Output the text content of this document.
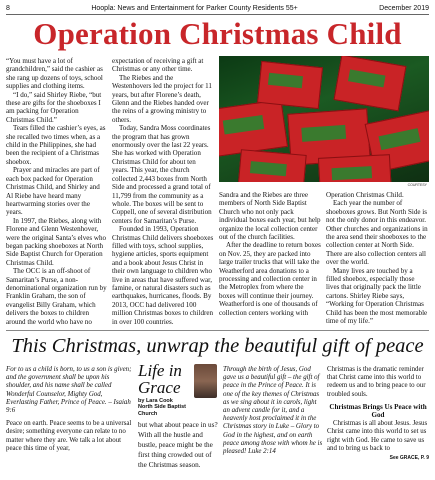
8	Hoopla: News and Entertainment for Parker County Residents 55+	December 2019
Operation Christmas Child

“You must have a lot of grandchildren,” said the cashier as she rang up dozens of toys, school supplies and clothing items.

“I do,” said Shirley Riebe, “but these are gifts for the shoeboxes I am packing for Operation Christmas Child.”

Tears filled the cashier’s eyes, as she recalled two times when, as a child in the Philippines, she had been the recipient of a Christmas shoebox.

Prayer and miracles are part of each box packed for Operation Christmas Child, and Shirley and Al Riebe have heard many heartwarming stories over the years.

In 1997, the Riebes, along with Florene and Glenn Westenhover, were the original Santa’s elves who began packing shoeboxes at North Side Baptist Church for Operation Christmas Child.

The OCC is an off-shoot of Samaritan’s Purse, a non-denominational organization run by Franklin Graham, the son of evangelist Billy Graham, which delivers the boxes to children around the world who have no

expectation of receiving a gift at Christmas or any other time.

The Riebes and the Westenhovers led the project for 11 years, but after Florene’s death, Glenn and the Riebes handed over the reins of a growing ministry to others.

Today, Sandra Moss coordinates the program that has grown enormously over the last 22 years. She has worked with Operation Christmas Child for about ten years. This year, the church collected 2,443 boxes from North Side and processed a grand total of 11,799 from the community as a whole. The boxes will be sent to Coppell, one of several distribution centers for Samaritan’s Purse.

Founded in 1993, Operation Christmas Child delivers shoeboxes filled with toys, school supplies, hygiene articles, sports equipment and a book about Jesus Christ in their own language to children who live in areas that have suffered war, famine, or natural disasters such as earthquakes, hurricanes, floods. By 2013, OCC had delivered 100 million Christmas boxes to children in over 100 countries.

COURTESY

Sandra and the Riebes are three members of North Side Baptist Church who not only pack individual boxes each year, but help organize the local collection center out of the church facilities.

After the deadline to return boxes on Nov. 25, they are packed into large trailer trucks that will take the Weatherford area donations to a processing and collection center in the Metroplex from where the boxes will continue their journey. Weatherford is one of thousands of collection centers working with

Operation Christmas Child.

Each year the number of shoeboxes grows. But North Side is not the only donor in this endeavor. Other churches and organizations in the area send their shoeboxes to the collection center at North Side. There are also collection centers all over the world.

Many lives are touched by a filled shoebox, especially those lives that originally pack the little cartons. Shirley Riebe says, “Working for Operation Christmas Child has been the most memorable time of my life.”

This Christmas, unwrap the beautiful gift of peace

For to us a child is born, to us a son is given; and the government shall be upon his shoulder, and his name shall be called Wonderful Counselor, Mighty God, Everlasting Father, Prince of Peace. – Isaiah 9:6

Peace on earth. Peace seems to be a universal desire; something everyone can relate to no matter where they are. We talk a lot about peace this time of year,

Life in Grace
by Lara Cook
North Side Baptist Church

but what about peace in us? With all the hustle and bustle, peace might be the first thing crowded out of the Christmas season.

Through the birth of Jesus, God gave us a beautiful gift – the gift of peace in the Prince of Peace. It is one of the key themes of Christmas as we sing about it in carols, light an advent candle for it, and a heavenly host proclaimed it in the Christmas story in Luke – Glory to God in the highest, and on earth peace among those with whom he is pleased! Luke 2:14

Christmas is the dramatic reminder that Christ came into this world to redeem us and to bring peace to our troubled souls.

Christmas Brings Us Peace with God

Christmas is all about Jesus. Jesus Christ came into this world to set us right with God. He came to save us and to bring us back to

See GRACE, P. 9
